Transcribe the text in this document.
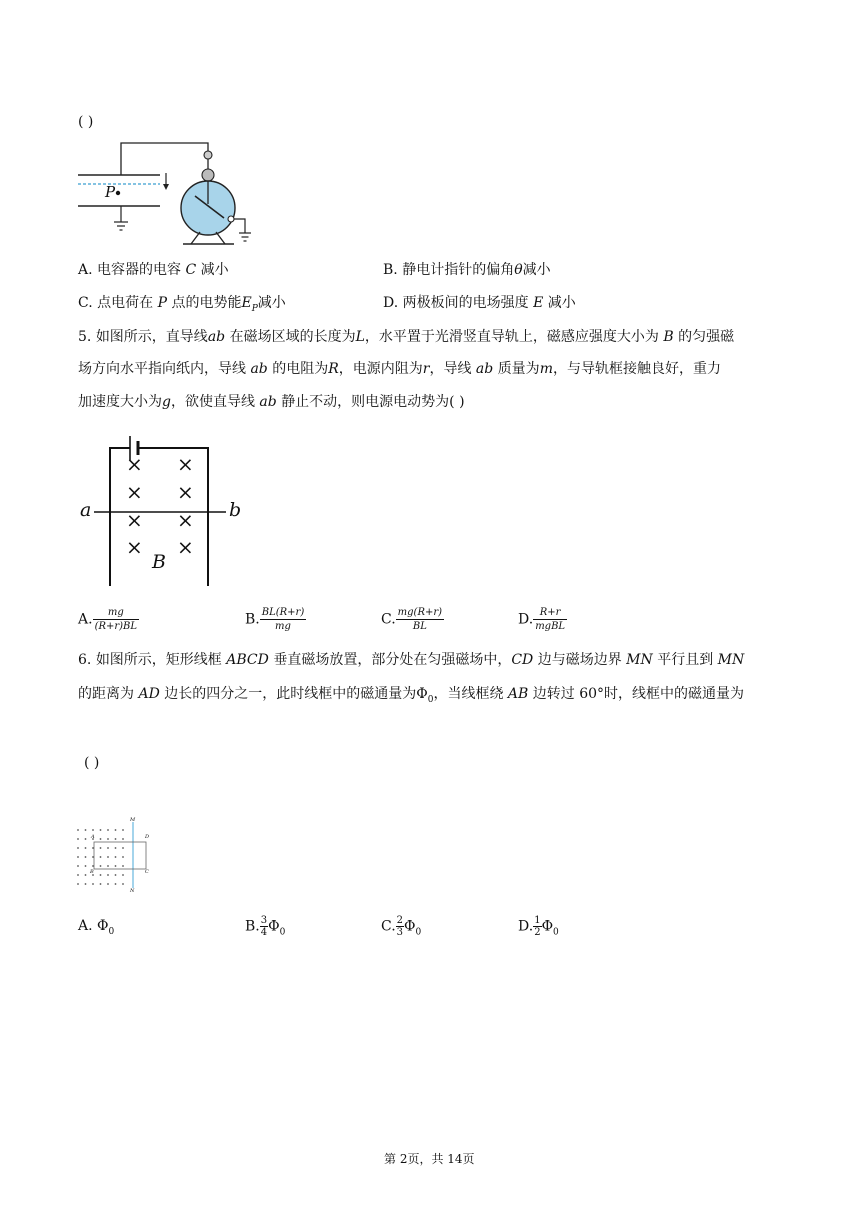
( )
P
A. 电容器的电容 C 减小	B. 静电计指针的偏角θ减小
C. 点电荷在 P 点的电势能$E_P$减小	D. 两极板间的电场强度 E 减小
5. 如图所示，直导线ab 在磁场区域的长度为L，水平置于光滑竖直导轨上，磁感应强度大小为 B 的匀强磁
场方向水平指向纸内，导线 ab 的电阻为R，电源内阻为r，导线 ab 质量为m，与导轨框接触良好，重力
加速度大小为g，欲使直导线 ab 静止不动，则电源电动势为( )
a	b
B
× ×
× ×
× ×
× ×
A. $\frac{mg}{(R+r)BL}$	B. $\frac{BL(R+r)}{mg}$	C. $\frac{mg(R+r)}{BL}$	D. $\frac{R+r}{\text{mgBL}}$
6. 如图所示，矩形线框 ABCD 垂直磁场放置，部分处在匀强磁场中，CD 边与磁场边界 MN 平行且到 MN
的距离为 AD 边长的四分之一，此时线框中的磁通量为$\Phi_0$，当线框绕 AB 边转过 60°时，线框中的磁通量为
( )
M
N
A
B	C
D
A. $\Phi_0$	B. $\frac{3}{4} \Phi_0$	C. $\frac{2}{3} \Phi_0$	D. $\frac{1}{2} \Phi_0$
第 2页，共 14页
